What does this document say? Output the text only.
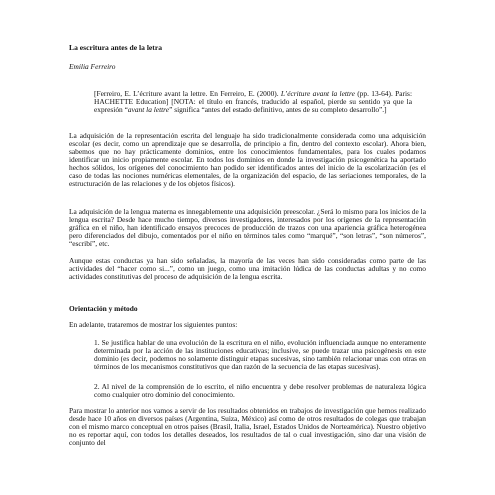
La escritura antes de la letra

Emilia Ferreiro

[Ferreiro, E. L’écriture avant la lettre. En Ferreiro, E. (2000). L’écriture avant la lettre (pp. 13-64). Paris: HACHETTE Education] [NOTA: el título en francés, traducido al español, pierde su sentido ya que la expresión “avant la lettre” significa “antes del estado definitivo, antes de su completo desarrollo”.]

La adquisición de la representación escrita del lenguaje ha sido tradicionalmente considerada como una adquisición escolar (es decir, como un aprendizaje que se desarrolla, de principio a fin, dentro del contexto escolar). Ahora bien, sabemos que no hay prácticamente dominios, entre los conocimientos fundamentales, para los cuales podamos identificar un inicio propiamente escolar. En todos los dominios en donde la investigación psicogenética ha aportado hechos sólidos, los orígenes del conocimiento han podido ser identificados antes del inicio de la escolarización (es el caso de todas las nociones numéricas elementales, de la organización del espacio, de las seriaciones temporales, de la estructuración de las relaciones y de los objetos físicos).

La adquisición de la lengua materna es innegablemente una adquisición preescolar. ¿Será lo mismo para los inicios de la lengua escrita? Desde hace mucho tiempo, diversos investigadores, interesados por los orígenes de la representación gráfica en el niño, han identificado ensayos precoces de producción de trazos con una apariencia gráfica heterogénea pero diferenciados del dibujo, comentados por el niño en términos tales como “marqué”, “son letras”, “son números”, “escribí”, etc.

Aunque estas conductas ya han sido señaladas, la mayoría de las veces han sido consideradas como parte de las actividades del “hacer como si...”, como un juego, como una imitación lúdica de las conductas adultas y no como actividades constitutivas del proceso de adquisición de la lengua escrita.

Orientación y método

En adelante, trataremos de mostrar los siguientes puntos:

1. Se justifica hablar de una evolución de la escritura en el niño, evolución influenciada aunque no enteramente determinada por la acción de las instituciones educativas; inclusive, se puede trazar una psicogénesis en este dominio (es decir, podemos no solamente distinguir etapas sucesivas, sino también relacionar unas con otras en términos de los mecanismos constitutivos que dan razón de la secuencia de las etapas sucesivas).

2. Al nivel de la comprensión de lo escrito, el niño encuentra y debe resolver problemas de naturaleza lógica como cualquier otro dominio del conocimiento.

Para mostrar lo anterior nos vamos a servir de los resultados obtenidos en trabajos de investigación que hemos realizado desde hace 10 años en diversos países (Argentina, Suiza, México) así como de otros resultados de colegas que trabajan con el mismo marco conceptual en otros países (Brasil, Italia, Israel, Estados Unidos de Norteamérica). Nuestro objetivo no es reportar aquí, con todos los detalles deseados, los resultados de tal o cual investigación, sino dar una visión de conjunto del
